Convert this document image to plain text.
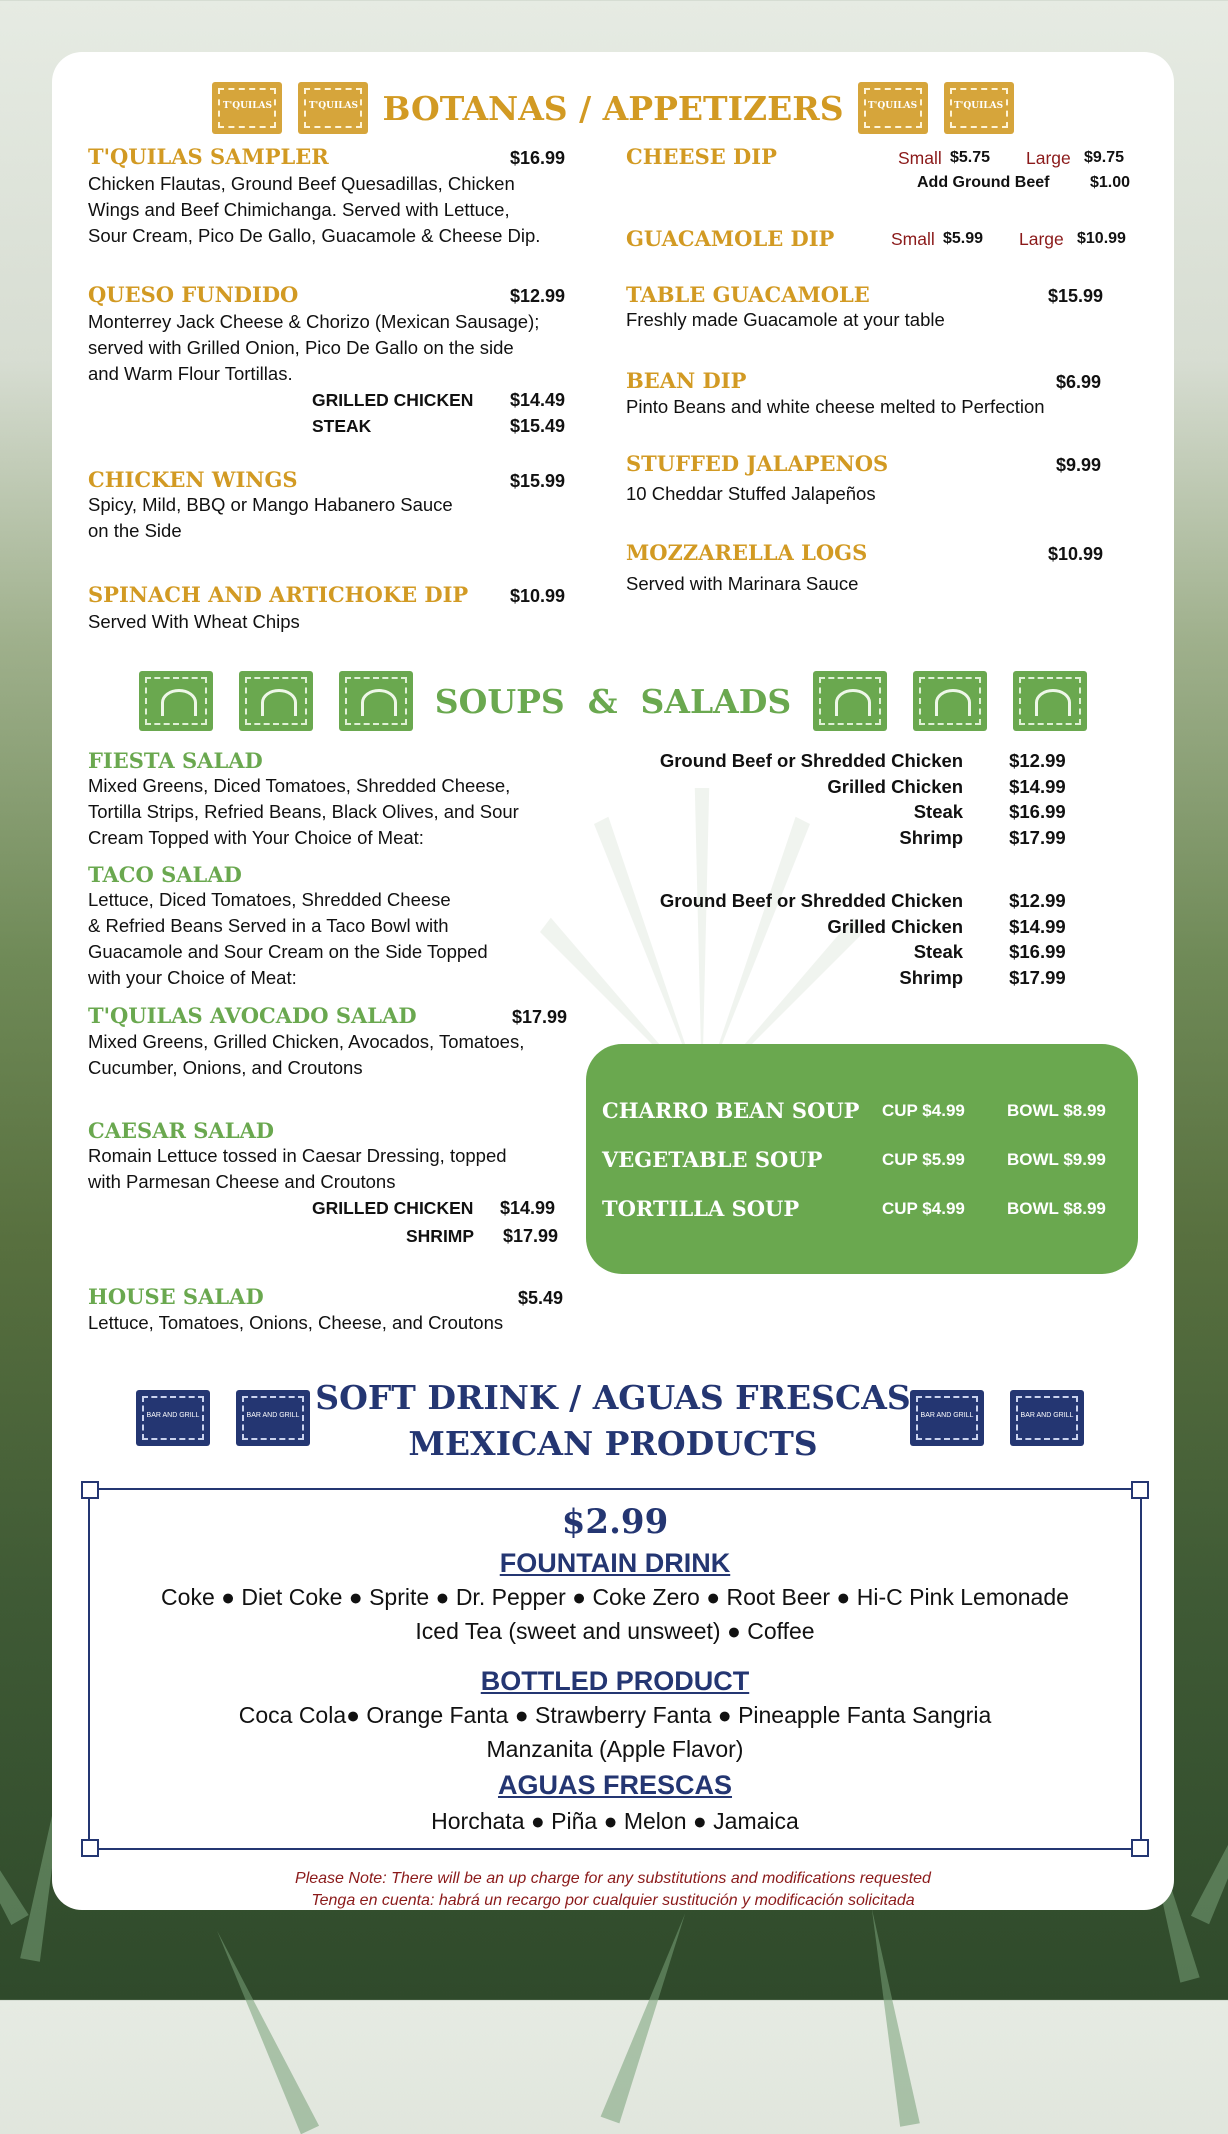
T'QUILAS	T'QUILAS BOTANAS / APPETIZERS	T'QUILAS	T'QUILAS
T'QUILAS SAMPLER	$16.99
Chicken Flautas, Ground Beef Quesadillas, Chicken
Wings and Beef Chimichanga. Served with Lettuce,
Sour Cream, Pico De Gallo, Guacamole & Cheese Dip.
QUESO FUNDIDO	$12.99
Monterrey Jack Cheese & Chorizo (Mexican Sausage);
served with Grilled Onion, Pico De Gallo on the side
and Warm Flour Tortillas.
GRILLED CHICKEN $14.49
STEAK	$15.49
CHICKEN WINGS	$15.99
Spicy, Mild, BBQ or Mango Habanero Sauce
on the Side
SPINACH AND ARTICHOKE DIP $10.99
Served With Wheat Chips
CHEESE DIP	Small $5.75 Large $9.75
Add Ground Beef	$1.00
GUACAMOLE DIP	Small $5.99 Large $10.99
TABLE GUACAMOLE	$15.99
Freshly made Guacamole at your table
BEAN DIP	$6.99
Pinto Beans and white cheese melted to Perfection
STUFFED JALAPENOS	$9.99
10 Cheddar Stuffed Jalapeños
MOZZARELLA LOGS	$10.99
Served with Marinara Sauce
SOUPS  &  SALADS
FIESTA SALAD
Mixed Greens, Diced Tomatoes, Shredded Cheese,
Tortilla Strips, Refried Beans, Black Olives, and Sour
Cream Topped with Your Choice of Meat:
TACO SALAD
Lettuce, Diced Tomatoes, Shredded Cheese
& Refried Beans Served in a Taco Bowl with
Guacamole and Sour Cream on the Side Topped
with your Choice of Meat:
T'QUILAS AVOCADO SALAD	$17.99
Mixed Greens, Grilled Chicken, Avocados, Tomatoes,
Cucumber, Onions, and Croutons
CAESAR SALAD
Romain Lettuce tossed in Caesar Dressing, topped
with Parmesan Cheese and Croutons
GRILLED CHICKEN $14.99
SHRIMP $17.99
HOUSE SALAD	$5.49
Lettuce, Tomatoes, Onions, Cheese, and Croutons
Ground Beef or Shredded Chicken $12.99
Grilled Chicken $14.99
Steak $16.99
Shrimp $17.99
Ground Beef or Shredded Chicken $12.99
Grilled Chicken $14.99
Steak $16.99
Shrimp $17.99
CHARRO BEAN SOUP CUP $4.99 BOWL $8.99
VEGETABLE SOUP	CUP $5.99 BOWL $9.99
TORTILLA SOUP	CUP $4.99 BOWL $8.99
BAR AND GRILL	BAR AND GRILL	BAR AND GRILL	BAR AND GRILL
SOFT DRINK / AGUAS FRESCAS
MEXICAN PRODUCTS
$2.99
FOUNTAIN DRINK
Coke ● Diet Coke ● Sprite ● Dr. Pepper ● Coke Zero ● Root Beer ● Hi-C Pink Lemonade
Iced Tea (sweet and unsweet) ● Coffee
BOTTLED PRODUCT
Coca Cola● Orange Fanta ● Strawberry Fanta ● Pineapple Fanta Sangria
Manzanita (Apple Flavor)
AGUAS FRESCAS
Horchata ● Piña ● Melon ● Jamaica
Please Note: There will be an up charge for any substitutions and modifications requested
Tenga en cuenta: habrá un recargo por cualquier sustitución y modificación solicitada
